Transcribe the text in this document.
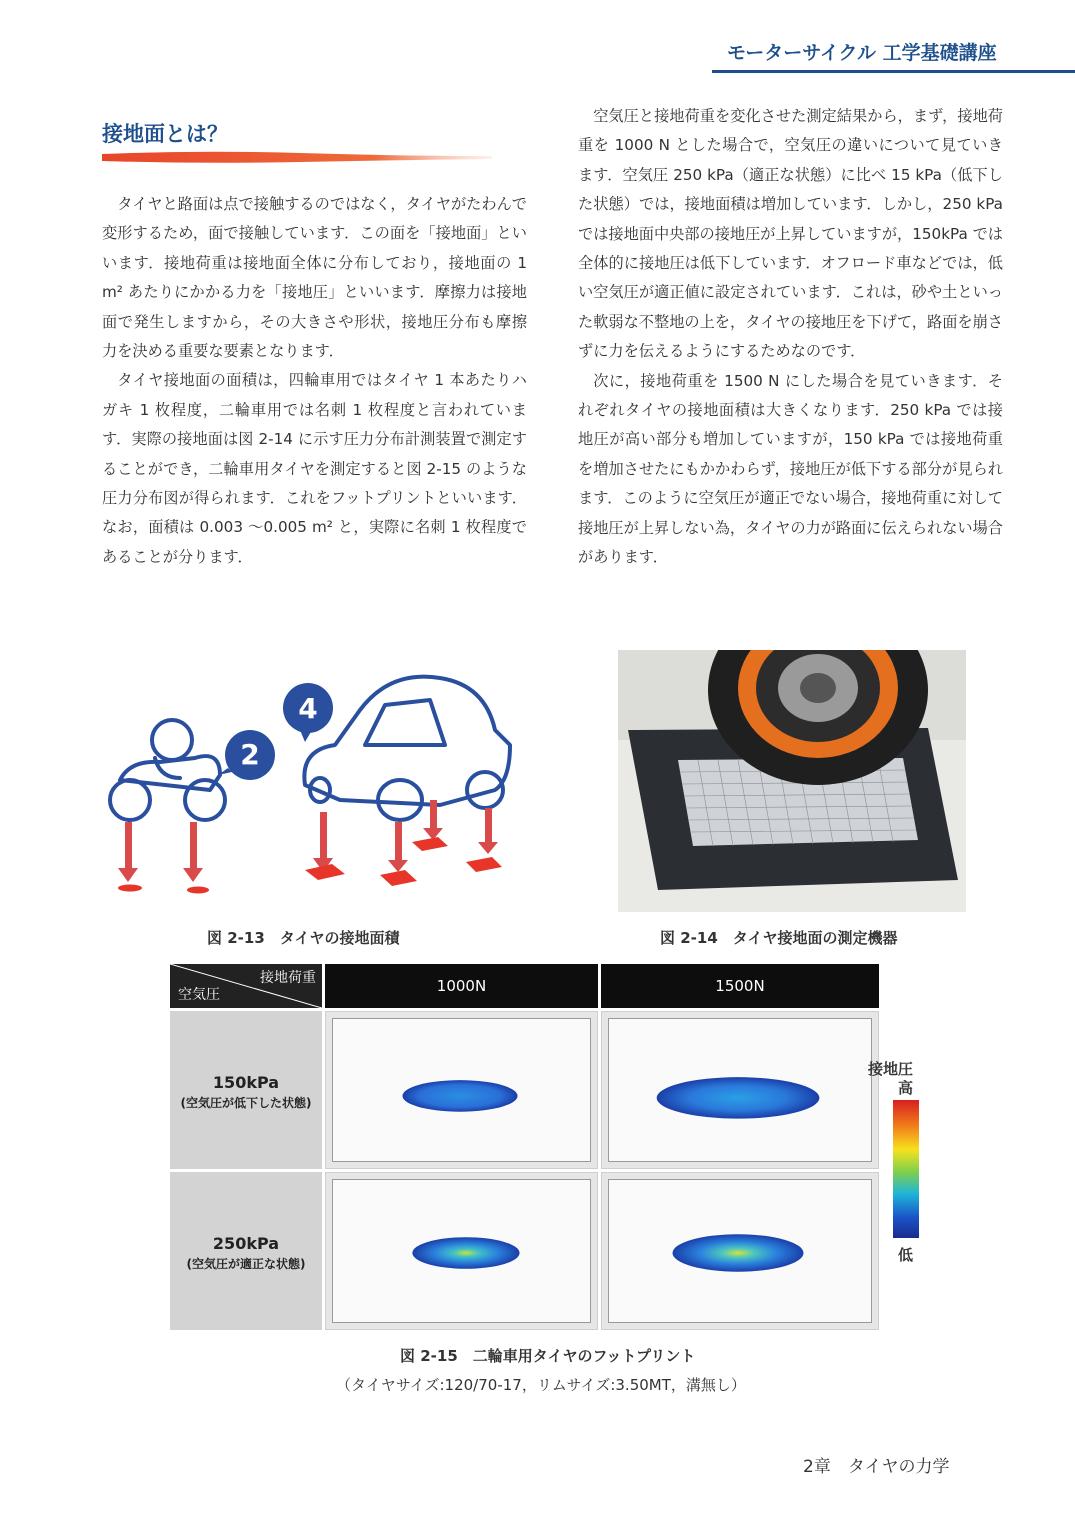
モーターサイクル 工学基礎講座
接地面とは？

タイヤと路面は点で接触するのではなく，タイヤがたわんで変形するため，面で接触しています．この面を「接地面」といいます．接地荷重は接地面全体に分布しており，接地面の 1 m² あたりにかかる力を「接地圧」といいます．摩擦力は接地面で発生しますから，その大きさや形状，接地圧分布も摩擦力を決める重要な要素となります．

タイヤ接地面の面積は，四輪車用ではタイヤ 1 本あたりハガキ 1 枚程度，二輪車用では名刺 1 枚程度と言われています．実際の接地面は図 2-14 に示す圧力分布計測装置で測定することができ，二輪車用タイヤを測定すると図 2-15 のような圧力分布図が得られます．これをフットプリントといいます．なお，面積は 0.003 ～0.005 m² と，実際に名刺 1 枚程度であることが分ります．

空気圧と接地荷重を変化させた測定結果から，まず，接地荷重を 1000 N とした場合で，空気圧の違いについて見ていきます．空気圧 250 kPa（適正な状態）に比べ 15 kPa（低下した状態）では，接地面積は増加しています．しかし，250 kPa では接地面中央部の接地圧が上昇していますが，150kPa では全体的に接地圧は低下しています．オフロード車などでは，低い空気圧が適正値に設定されています．これは，砂や土といった軟弱な不整地の上を，タイヤの接地圧を下げて，路面を崩さずに力を伝えるようにするためなのです．

次に，接地荷重を 1500 N にした場合を見ていきます．それぞれタイヤの接地面積は大きくなります．250 kPa では接地圧が高い部分も増加していますが，150 kPa では接地荷重を増加させたにもかかわらず，接地圧が低下する部分が見られます．このように空気圧が適正でない場合，接地荷重に対して接地圧が上昇しない為，タイヤの力が路面に伝えられない場合があります．

2
4
図 2-13　タイヤの接地面積	図 2-14　タイヤ接地面の測定機器
接地荷重
空気圧	1000N	1500N
150kPa
(空気圧が低下した状態)
250kPa
(空気圧が適正な状態)
接地圧
高
低
図 2-15　二輪車用タイヤのフットプリント
（タイヤサイズ:120/70-17，リムサイズ:3.50MT，溝無し）
2章　タイヤの力学
